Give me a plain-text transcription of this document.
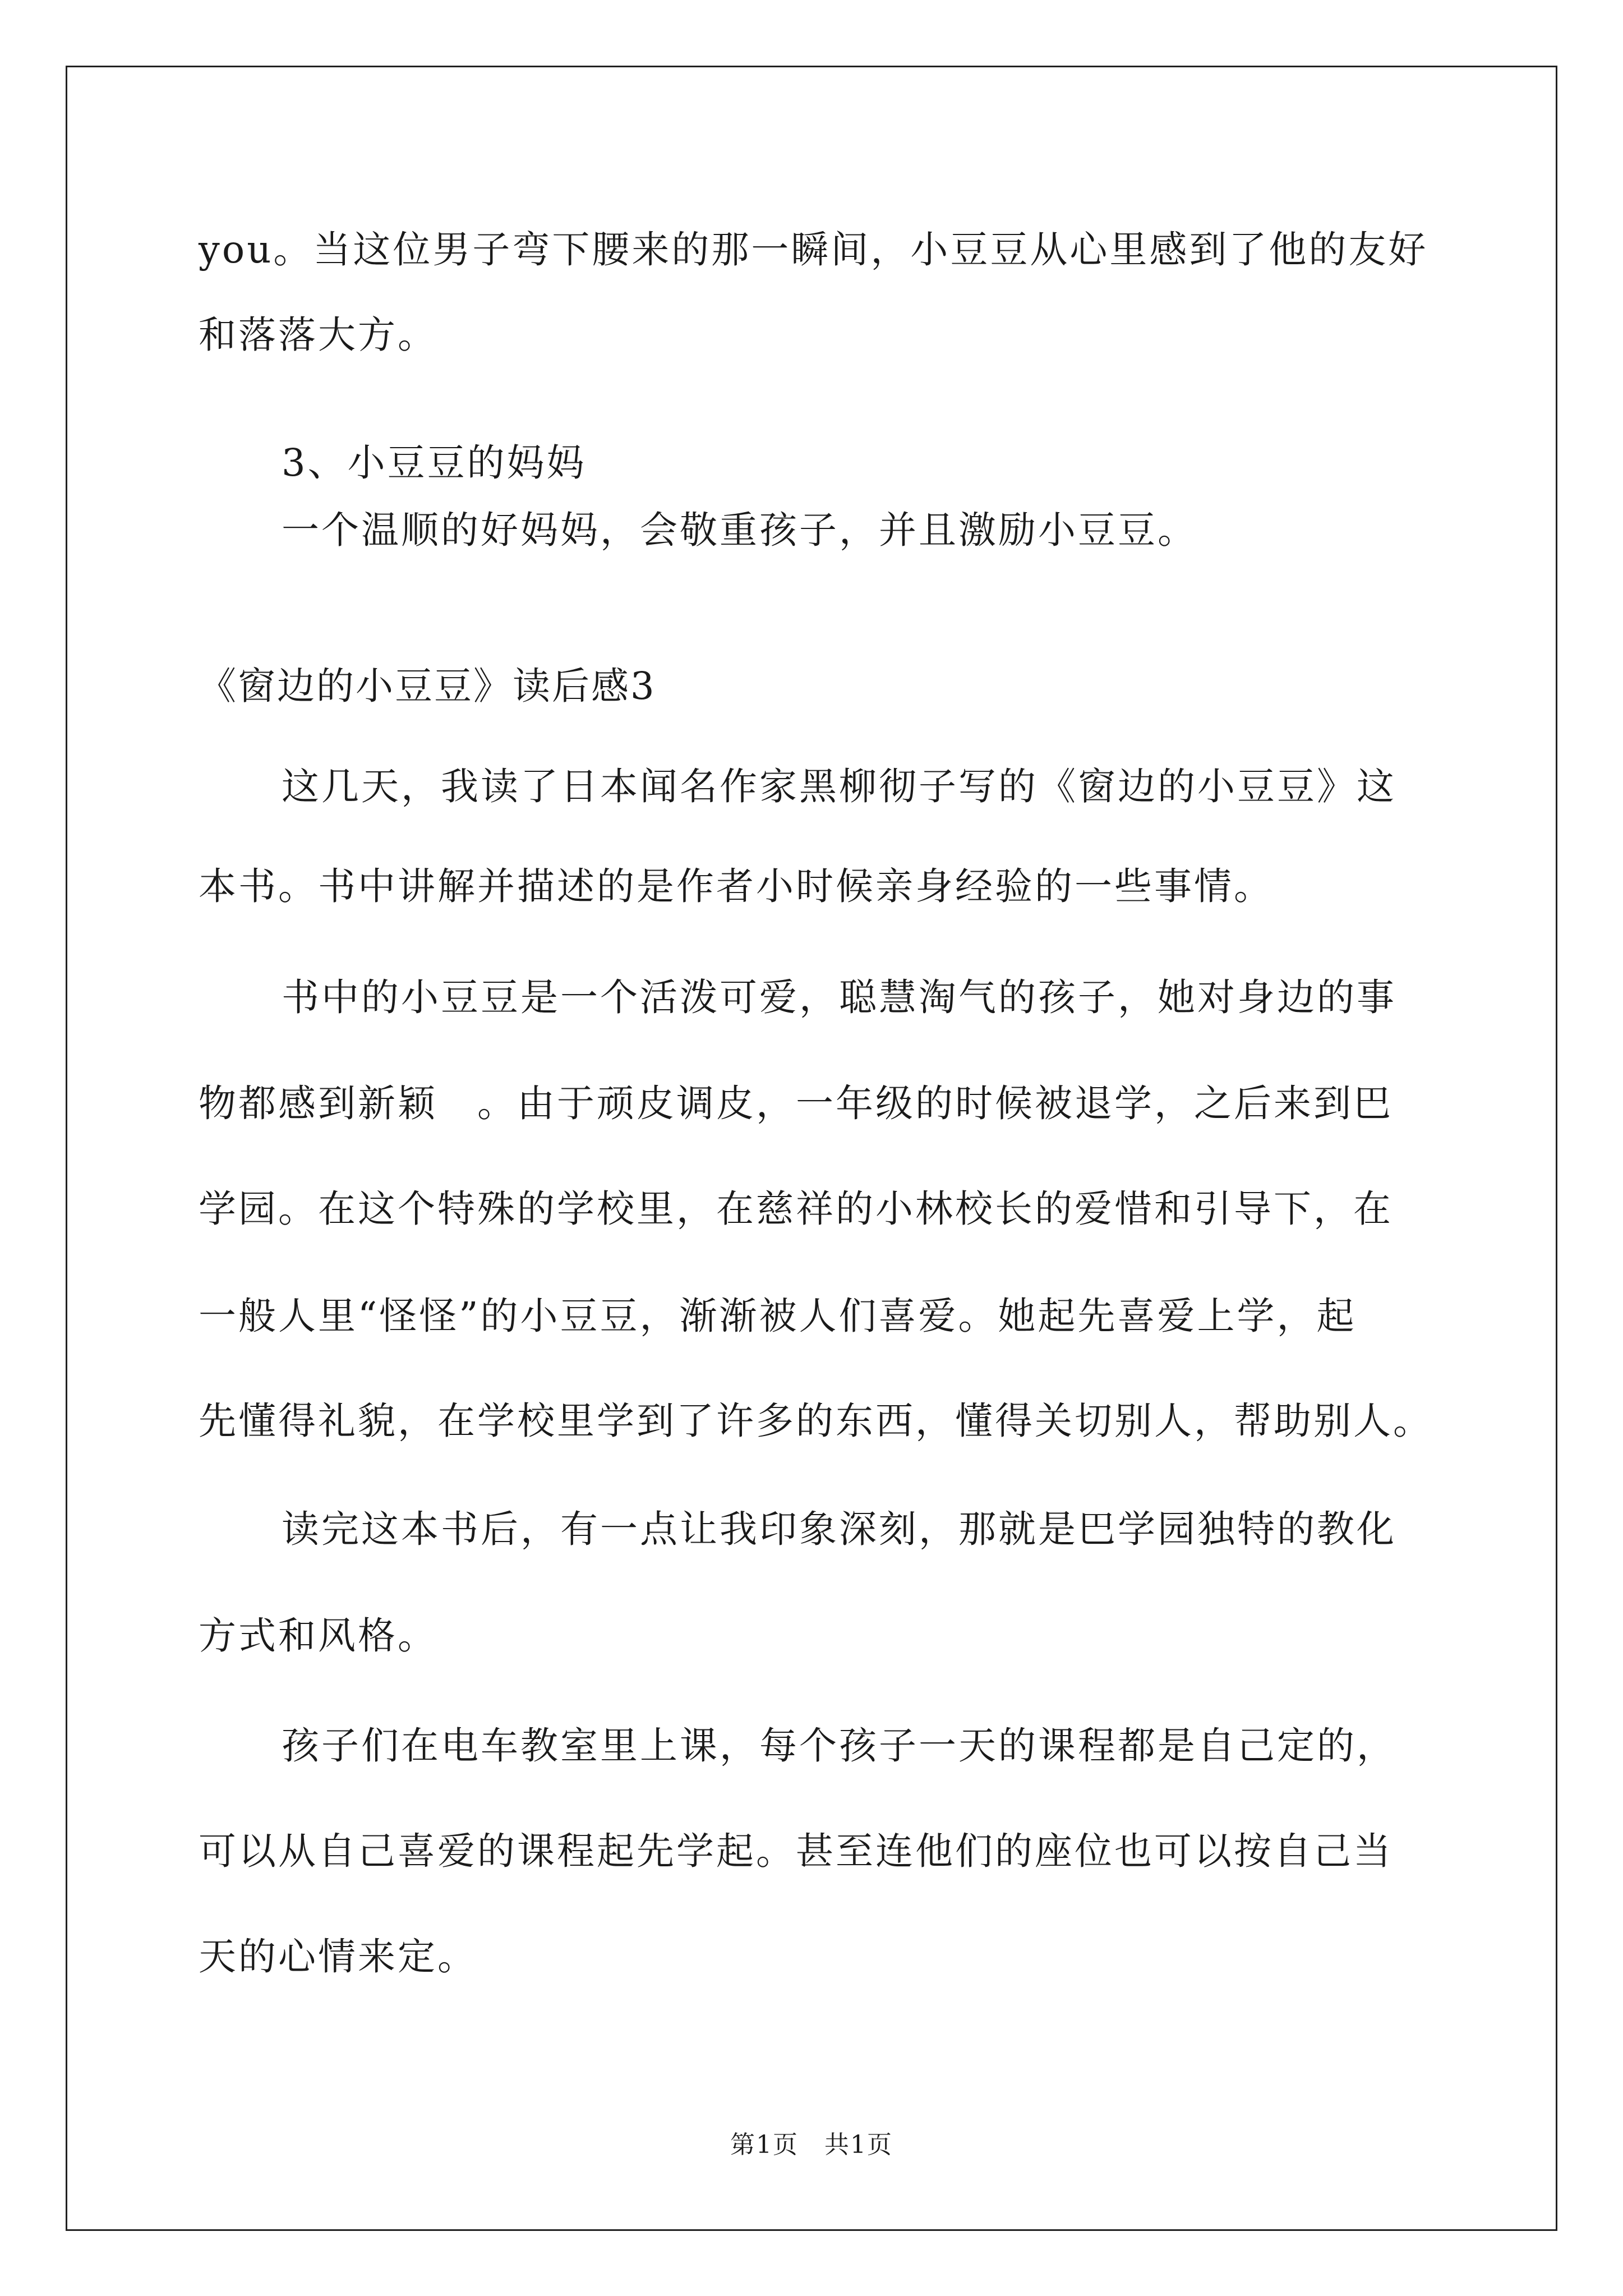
you。当这位男子弯下腰来的那一瞬间，小豆豆从心里感到了他的友好
和落落大方。
3、小豆豆的妈妈
一个温顺的好妈妈，会敬重孩子，并且激励小豆豆。
《窗边的小豆豆》读后感3
这几天，我读了日本闻名作家黑柳彻子写的《窗边的小豆豆》这
本书。书中讲解并描述的是作者小时候亲身经验的一些事情。
书中的小豆豆是一个活泼可爱，聪慧淘气的孩子，她对身边的事
物都感到新颖　。由于顽皮调皮，一年级的时候被退学，之后来到巴
学园。在这个特殊的学校里，在慈祥的小林校长的爱惜和引导下，在
一般人里“怪怪”的小豆豆，渐渐被人们喜爱。她起先喜爱上学，起
先懂得礼貌，在学校里学到了许多的东西，懂得关切别人，帮助别人。
读完这本书后，有一点让我印象深刻，那就是巴学园独特的教化
方式和风格。
孩子们在电车教室里上课，每个孩子一天的课程都是自己定的，
可以从自己喜爱的课程起先学起。甚至连他们的座位也可以按自己当
天的心情来定。
第1页　共1页
